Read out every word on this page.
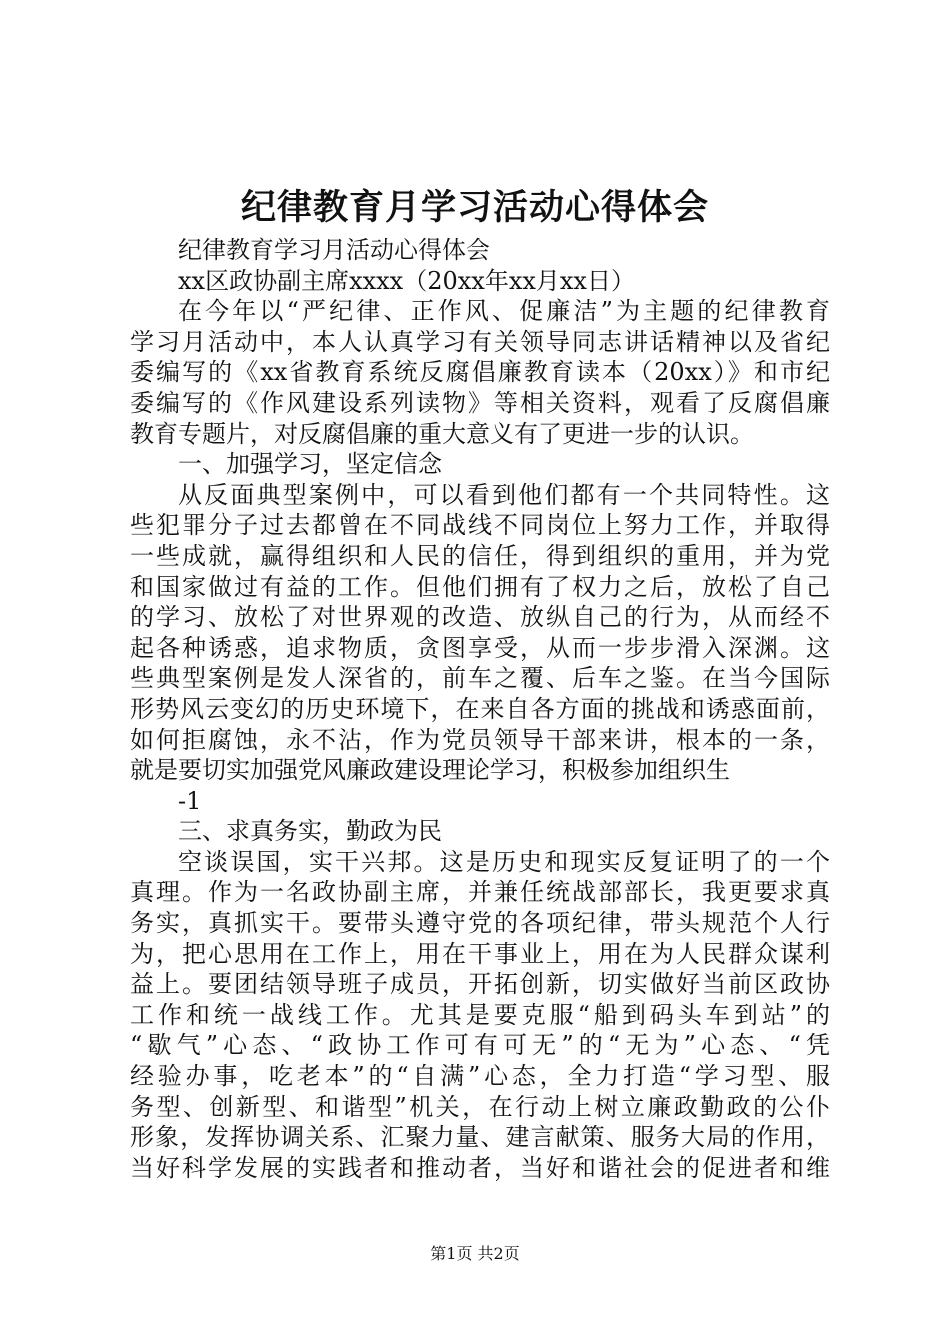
纪律教育月学习活动心得体会
纪律教育学习月活动心得体会
xx区政协副主席xxxx（20xx年xx月xx日）
在今年以“严纪律、正作风、促廉洁”为主题的纪律教育
学习月活动中，本人认真学习有关领导同志讲话精神以及省纪
委编写的《xx省教育系统反腐倡廉教育读本（20xx）》和市纪
委编写的《作风建设系列读物》等相关资料，观看了反腐倡廉
教育专题片，对反腐倡廉的重大意义有了更进一步的认识。
一、加强学习，坚定信念
从反面典型案例中，可以看到他们都有一个共同特性。这
些犯罪分子过去都曾在不同战线不同岗位上努力工作，并取得
一些成就，赢得组织和人民的信任，得到组织的重用，并为党
和国家做过有益的工作。但他们拥有了权力之后，放松了自己
的学习、放松了对世界观的改造、放纵自己的行为，从而经不
起各种诱惑，追求物质，贪图享受，从而一步步滑入深渊。这
些典型案例是发人深省的，前车之覆、后车之鉴。在当今国际
形势风云变幻的历史环境下，在来自各方面的挑战和诱惑面前，
如何拒腐蚀，永不沾，作为党员领导干部来讲，根本的一条，
就是要切实加强党风廉政建设理论学习，积极参加组织生
-1
三、求真务实，勤政为民
空谈误国，实干兴邦。这是历史和现实反复证明了的一个
真理。作为一名政协副主席，并兼任统战部部长，我更要求真
务实，真抓实干。要带头遵守党的各项纪律，带头规范个人行
为，把心思用在工作上，用在干事业上，用在为人民群众谋利
益上。要团结领导班子成员，开拓创新，切实做好当前区政协
工作和统一战线工作。尤其是要克服“船到码头车到站”的
“歇气”心态、“政协工作可有可无”的“无为”心态、“凭
经验办事，吃老本”的“自满”心态，全力打造“学习型、服
务型、创新型、和谐型”机关，在行动上树立廉政勤政的公仆
形象，发挥协调关系、汇聚力量、建言献策、服务大局的作用，
当好科学发展的实践者和推动者，当好和谐社会的促进者和维
第1页 共2页
